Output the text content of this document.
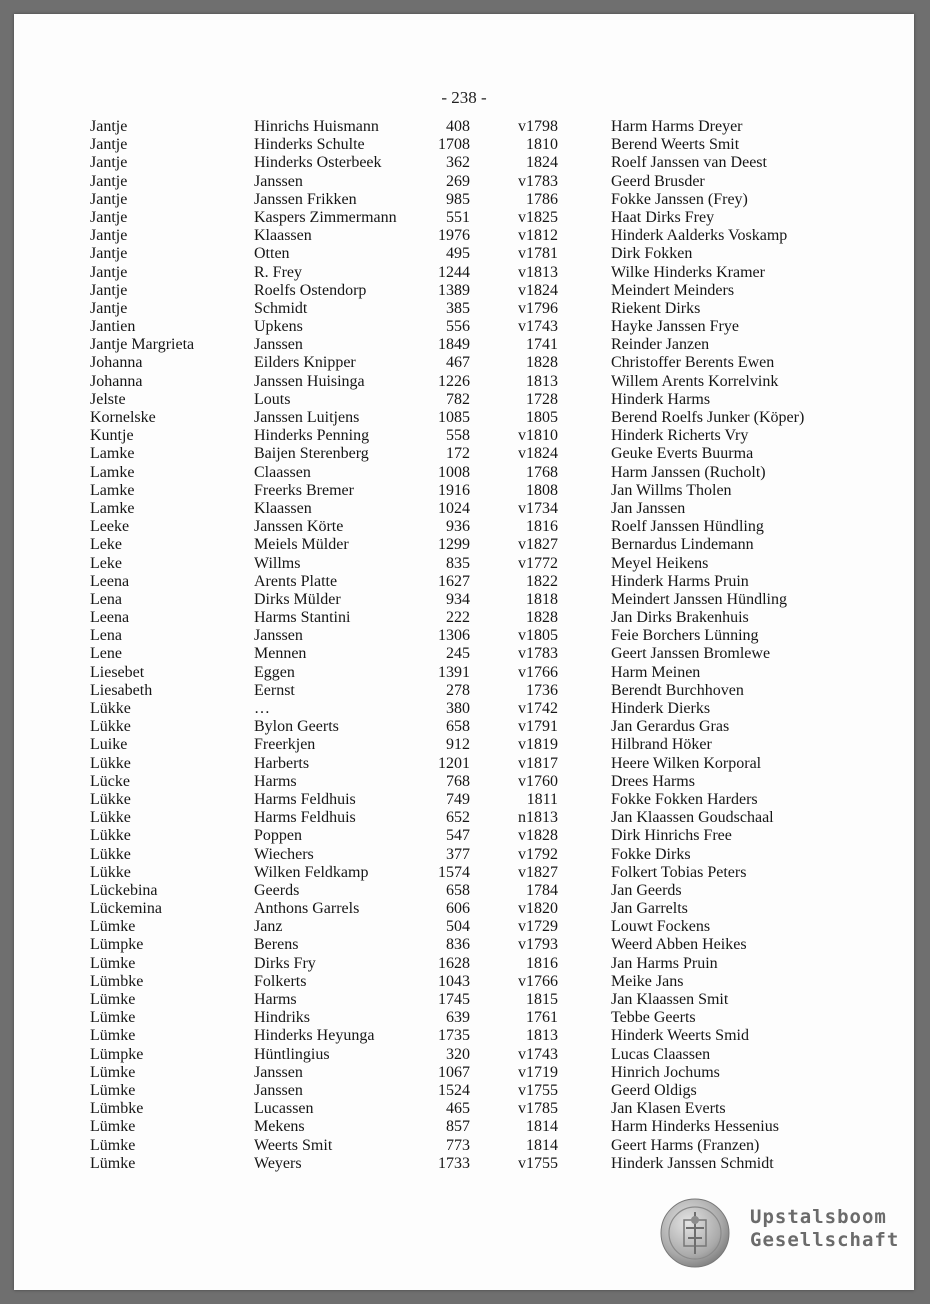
- 238 -
Jantje	Hinrichs Huismann	408	v1798	Harm Harms Dreyer
Jantje	Hinderks Schulte	1708	1810	Berend Weerts Smit
Jantje	Hinderks Osterbeek	362	1824	Roelf Janssen van Deest
Jantje	Janssen	269	v1783	Geerd Brusder
Jantje	Janssen Frikken	985	1786	Fokke Janssen (Frey)
Jantje	Kaspers Zimmermann	551	v1825	Haat Dirks Frey
Jantje	Klaassen	1976	v1812	Hinderk Aalderks Voskamp
Jantje	Otten	495	v1781	Dirk Fokken
Jantje	R. Frey	1244	v1813	Wilke Hinderks Kramer
Jantje	Roelfs Ostendorp	1389	v1824	Meindert Meinders
Jantje	Schmidt	385	v1796	Riekent Dirks
Jantien	Upkens	556	v1743	Hayke Janssen Frye
Jantje Margrieta	Janssen	1849	1741	Reinder Janzen
Johanna	Eilders Knipper	467	1828	Christoffer Berents Ewen
Johanna	Janssen Huisinga	1226	1813	Willem Arents Korrelvink
Jelste	Louts	782	1728	Hinderk Harms
Kornelske	Janssen Luitjens	1085	1805	Berend Roelfs Junker (Köper)
Kuntje	Hinderks Penning	558	v1810	Hinderk Richerts Vry
Lamke	Baijen Sterenberg	172	v1824	Geuke Everts Buurma
Lamke	Claassen	1008	1768	Harm Janssen (Rucholt)
Lamke	Freerks Bremer	1916	1808	Jan Willms Tholen
Lamke	Klaassen	1024	v1734	Jan Janssen
Leeke	Janssen Körte	936	1816	Roelf Janssen Hündling
Leke	Meiels Mülder	1299	v1827	Bernardus Lindemann
Leke	Willms	835	v1772	Meyel Heikens
Leena	Arents Platte	1627	1822	Hinderk Harms Pruin
Lena	Dirks Mülder	934	1818	Meindert Janssen Hündling
Leena	Harms Stantini	222	1828	Jan Dirks Brakenhuis
Lena	Janssen	1306	v1805	Feie Borchers Lünning
Lene	Mennen	245	v1783	Geert Janssen Bromlewe
Liesebet	Eggen	1391	v1766	Harm Meinen
Liesabeth	Eernst	278	1736	Berendt Burchhoven
Lükke	…	380	v1742	Hinderk Dierks
Lükke	Bylon Geerts	658	v1791	Jan Gerardus Gras
Luike	Freerkjen	912	v1819	Hilbrand Höker
Lükke	Harberts	1201	v1817	Heere Wilken Korporal
Lücke	Harms	768	v1760	Drees Harms
Lükke	Harms Feldhuis	749	1811	Fokke Fokken Harders
Lükke	Harms Feldhuis	652	n1813	Jan Klaassen Goudschaal
Lükke	Poppen	547	v1828	Dirk Hinrichs Free
Lükke	Wiechers	377	v1792	Fokke Dirks
Lükke	Wilken Feldkamp	1574	v1827	Folkert Tobias Peters
Lückebina	Geerds	658	1784	Jan Geerds
Lückemina	Anthons Garrels	606	v1820	Jan Garrelts
Lümke	Janz	504	v1729	Louwt Fockens
Lümpke	Berens	836	v1793	Weerd Abben Heikes
Lümke	Dirks Fry	1628	1816	Jan Harms Pruin
Lümbke	Folkerts	1043	v1766	Meike Jans
Lümke	Harms	1745	1815	Jan Klaassen Smit
Lümke	Hindriks	639	1761	Tebbe Geerts
Lümke	Hinderks Heyunga	1735	1813	Hinderk Weerts Smid
Lümpke	Hüntlingius	320	v1743	Lucas Claassen
Lümke	Janssen	1067	v1719	Hinrich Jochums
Lümke	Janssen	1524	v1755	Geerd Oldigs
Lümbke	Lucassen	465	v1785	Jan Klasen Everts
Lümke	Mekens	857	1814	Harm Hinderks Hessenius
Lümke	Weerts Smit	773	1814	Geert Harms (Franzen)
Lümke	Weyers	1733	v1755	Hinderk Janssen Schmidt
Upstalsboom
Gesellschaft
